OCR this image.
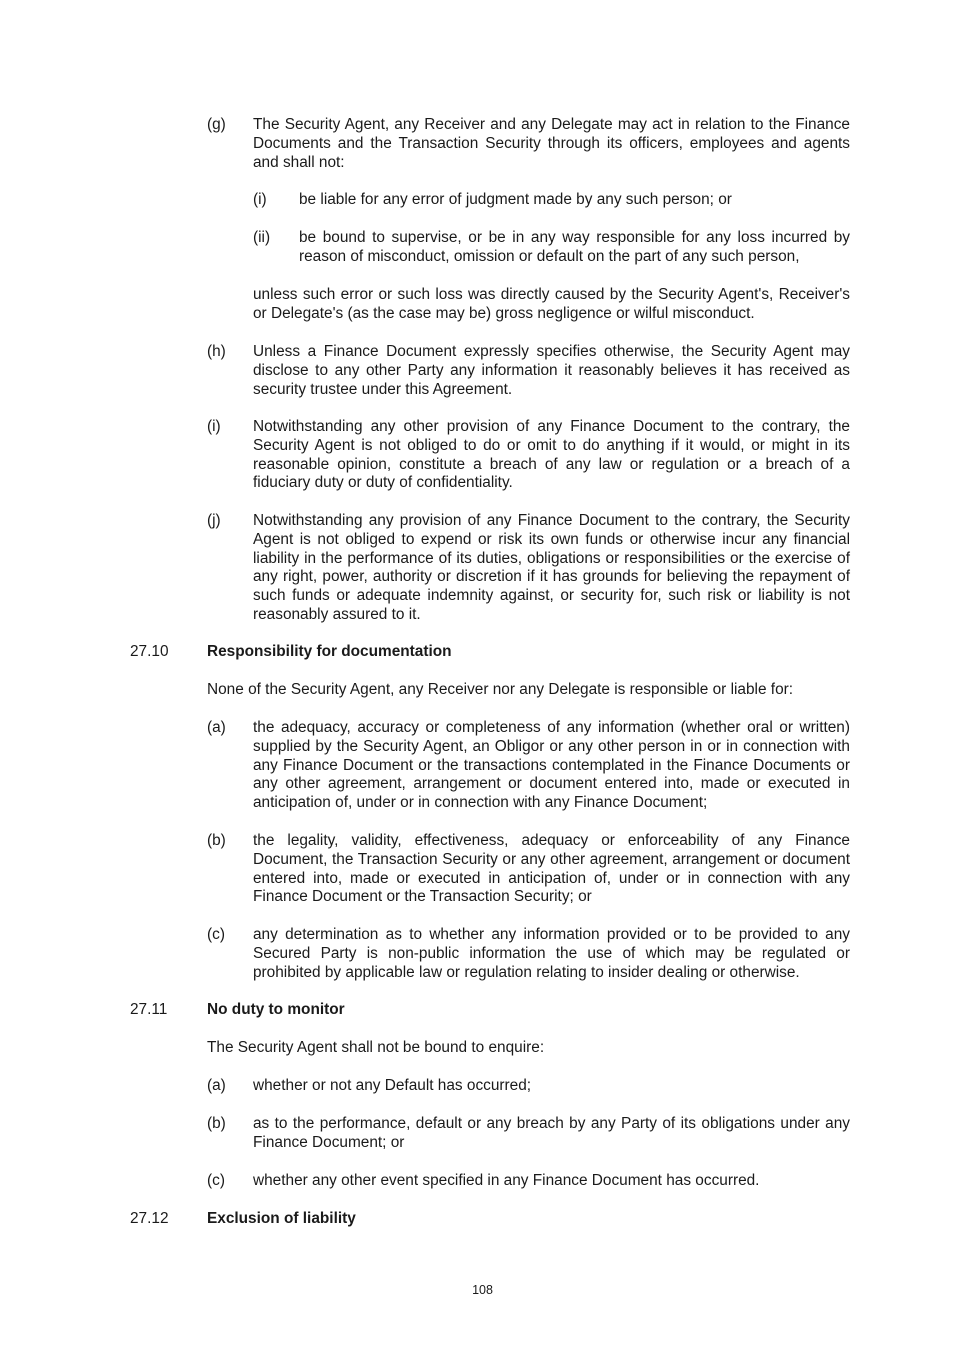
(g) The Security Agent, any Receiver and any Delegate may act in relation to the Finance Documents and the Transaction Security through its officers, employees and agents and shall not:

(i) be liable for any error of judgment made by any such person; or

(ii) be bound to supervise, or be in any way responsible for any loss incurred by reason of misconduct, omission or default on the part of any such person,

unless such error or such loss was directly caused by the Security Agent's, Receiver's or Delegate's (as the case may be) gross negligence or wilful misconduct.

(h) Unless a Finance Document expressly specifies otherwise, the Security Agent may disclose to any other Party any information it reasonably believes it has received as security trustee under this Agreement.

(i) Notwithstanding any other provision of any Finance Document to the contrary, the Security Agent is not obliged to do or omit to do anything if it would, or might in its reasonable opinion, constitute a breach of any law or regulation or a breach of a fiduciary duty or duty of confidentiality.

(j) Notwithstanding any provision of any Finance Document to the contrary, the Security Agent is not obliged to expend or risk its own funds or otherwise incur any financial liability in the performance of its duties, obligations or responsibilities or the exercise of any right, power, authority or discretion if it has grounds for believing the repayment of such funds or adequate indemnity against, or security for, such risk or liability is not reasonably assured to it.

27.10 Responsibility for documentation

None of the Security Agent, any Receiver nor any Delegate is responsible or liable for:

(a) the adequacy, accuracy or completeness of any information (whether oral or written) supplied by the Security Agent, an Obligor or any other person in or in connection with any Finance Document or the transactions contemplated in the Finance Documents or any other agreement, arrangement or document entered into, made or executed in anticipation of, under or in connection with any Finance Document;

(b) the legality, validity, effectiveness, adequacy or enforceability of any Finance Document, the Transaction Security or any other agreement, arrangement or document entered into, made or executed in anticipation of, under or in connection with any Finance Document or the Transaction Security; or

(c) any determination as to whether any information provided or to be provided to any Secured Party is non-public information the use of which may be regulated or prohibited by applicable law or regulation relating to insider dealing or otherwise.

27.11	No duty to monitor

The Security Agent shall not be bound to enquire:

(a) whether or not any Default has occurred;

(b) as to the performance, default or any breach by any Party of its obligations under any Finance Document; or

(c) whether any other event specified in any Finance Document has occurred.

27.12 Exclusion of liability
108
